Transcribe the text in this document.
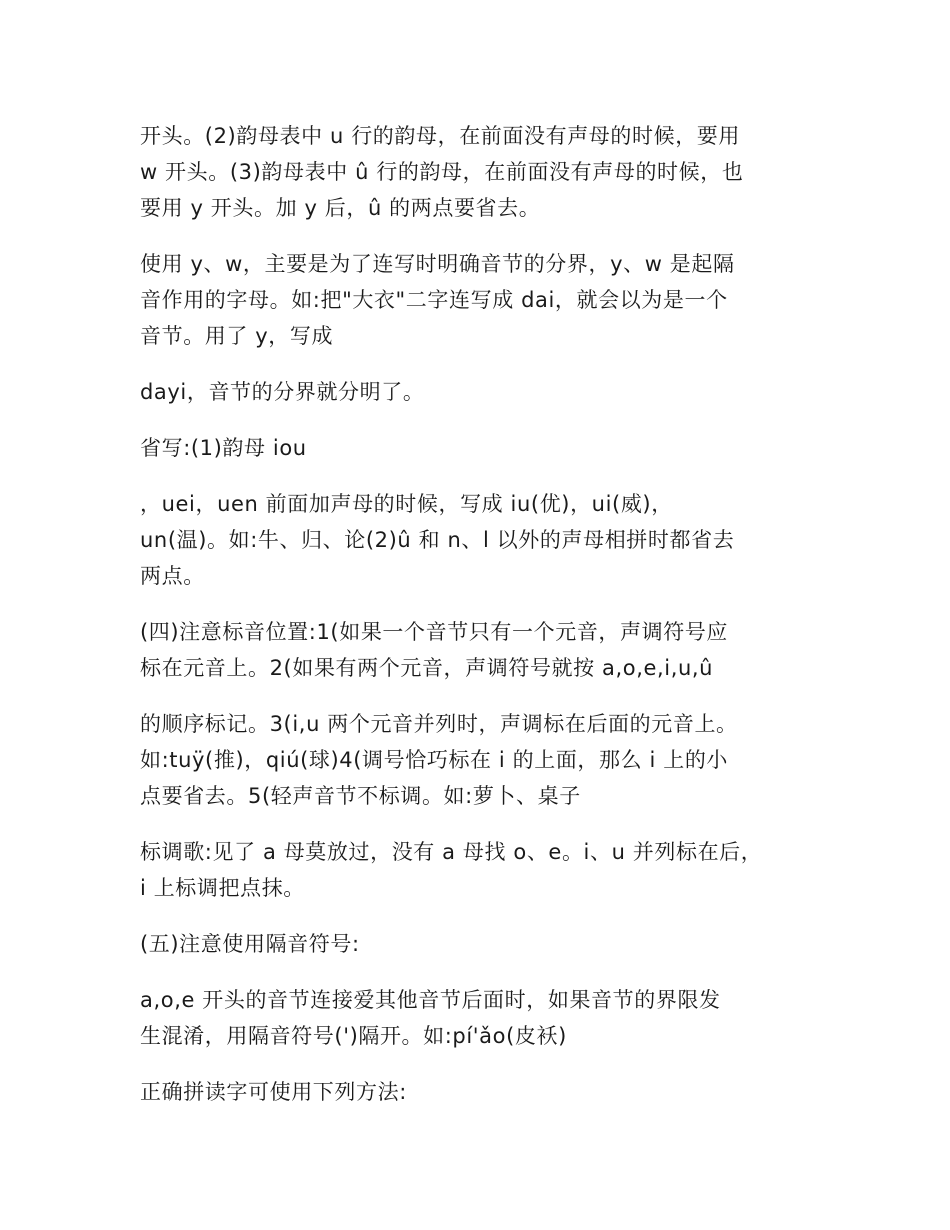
开头。(2)韵母表中 u 行的韵母，在前面没有声母的时候，要用
w 开头。(3)韵母表中 û 行的韵母，在前面没有声母的时候，也
要用 y 开头。加 y 后，û 的两点要省去。

使用 y、w，主要是为了连写时明确音节的分界，y、w 是起隔
音作用的字母。如:把"大衣"二字连写成 dai，就会以为是一个
音节。用了 y，写成

dayi，音节的分界就分明了。

省写:(1)韵母 iou

，uei，uen 前面加声母的时候，写成 iu(优)，ui(威)，
un(温)。如:牛、归、论(2)û 和 n、l 以外的声母相拼时都省去
两点。

(四)注意标音位置:1(如果一个音节只有一个元音，声调符号应
标在元音上。2(如果有两个元音，声调符号就按 a,o,e,i,u,û

的顺序标记。3(i,u 两个元音并列时，声调标在后面的元音上。
如:tuÿ(推)，qiú(球)4(调号恰巧标在 i 的上面，那么 i 上的小
点要省去。5(轻声音节不标调。如:萝卜、桌子

标调歌:见了 a 母莫放过，没有 a 母找 o、e。i、u 并列标在后，
i 上标调把点抹。

(五)注意使用隔音符号:

a,o,e 开头的音节连接爱其他音节后面时，如果音节的界限发
生混淆，用隔音符号(')隔开。如:pí'ǎo(皮袄)

正确拼读字可使用下列方法:
